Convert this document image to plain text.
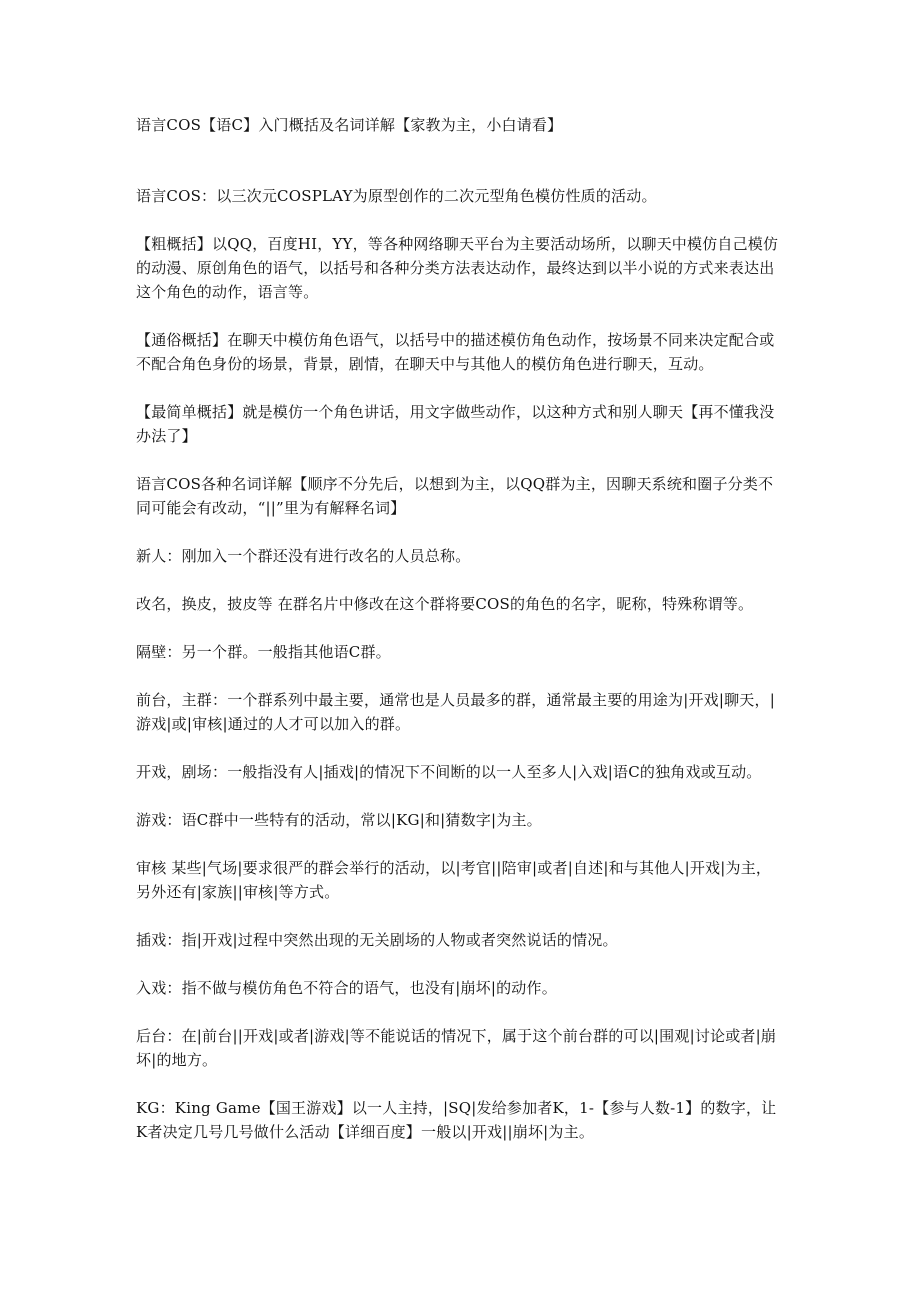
语言COS【语C】入门概括及名词详解【家教为主，小白请看】

语言COS：以三次元COSPLAY为原型创作的二次元型角色模仿性质的活动。

【粗概括】以QQ，百度HI，YY，等各种网络聊天平台为主要活动场所，以聊天中模仿自己模仿的动漫、原创角色的语气，以括号和各种分类方法表达动作，最终达到以半小说的方式来表达出这个角色的动作，语言等。

【通俗概括】在聊天中模仿角色语气，以括号中的描述模仿角色动作，按场景不同来决定配合或不配合角色身份的场景，背景，剧情，在聊天中与其他人的模仿角色进行聊天，互动。

【最简单概括】就是模仿一个角色讲话，用文字做些动作，以这种方式和别人聊天【再不懂我没办法了】

语言COS各种名词详解【顺序不分先后，以想到为主，以QQ群为主，因聊天系统和圈子分类不同可能会有改动，“||”里为有解释名词】

新人：刚加入一个群还没有进行改名的人员总称。

改名，换皮，披皮等 在群名片中修改在这个群将要COS的角色的名字，昵称，特殊称谓等。

隔壁：另一个群。一般指其他语C群。

前台，主群：一个群系列中最主要，通常也是人员最多的群，通常最主要的用途为|开戏|聊天，|游戏|或|审核|通过的人才可以加入的群。

开戏，剧场：一般指没有人|插戏|的情况下不间断的以一人至多人|入戏|语C的独角戏或互动。

游戏：语C群中一些特有的活动，常以|KG|和|猜数字|为主。

审核 某些|气场|要求很严的群会举行的活动，以|考官||陪审|或者|自述|和与其他人|开戏|为主，另外还有|家族||审核|等方式。

插戏：指|开戏|过程中突然出现的无关剧场的人物或者突然说话的情况。

入戏：指不做与模仿角色不符合的语气，也没有|崩坏|的动作。

后台：在|前台||开戏|或者|游戏|等不能说话的情况下，属于这个前台群的可以|围观|讨论或者|崩坏|的地方。

KG：King Game【国王游戏】以一人主持，|SQ|发给参加者K，1-【参与人数-1】的数字，让K者决定几号几号做什么活动【详细百度】一般以|开戏||崩坏|为主。
